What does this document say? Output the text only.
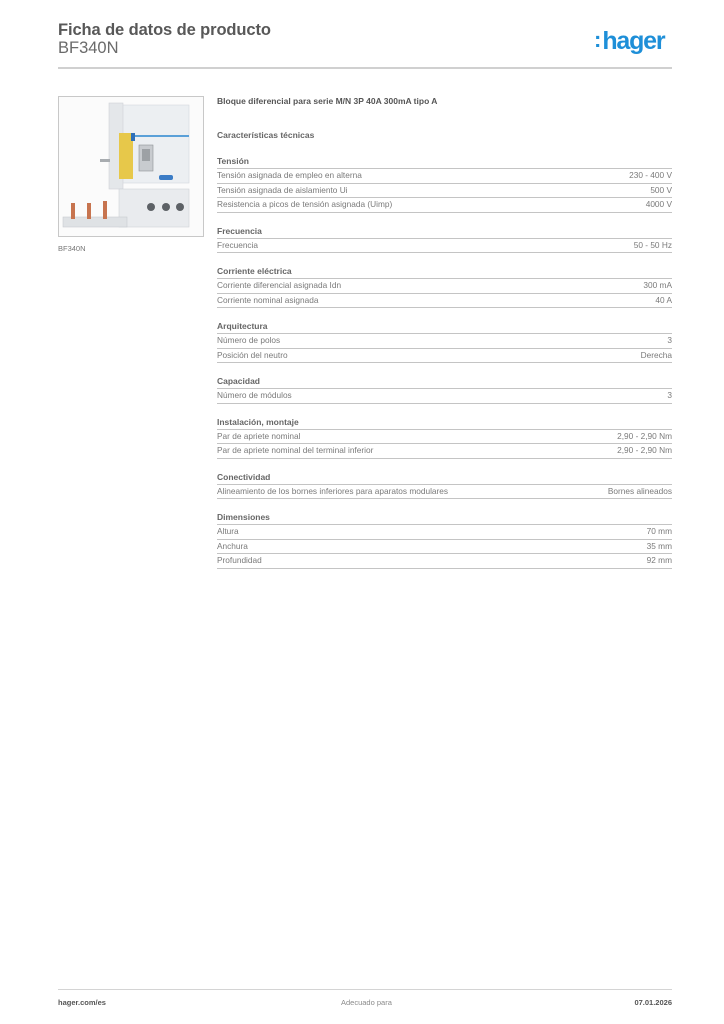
Ficha de datos de producto
BF340N	:hager
BF340N
Bloque diferencial para serie M/N 3P 40A 300mA tipo A
Características técnicas
Tensión
Tensión asignada de empleo en alterna	230 - 400 V
Tensión asignada de aislamiento Ui	500 V
Resistencia a picos de tensión asignada (Uimp)	4000 V
Frecuencia
Frecuencia	50 - 50 Hz
Corriente eléctrica
Corriente diferencial asignada Idn	300 mA
Corriente nominal asignada	40 A
Arquitectura
Número de polos	3
Posición del neutro	Derecha
Capacidad
Número de módulos	3
Instalación, montaje
Par de apriete nominal	2,90 - 2,90 Nm
Par de apriete nominal del terminal inferior	2,90 - 2,90 Nm
Conectividad
Alineamiento de los bornes inferiores para aparatos modulares	Bornes alineados
Dimensiones
Altura	70 mm
Anchura	35 mm
Profundidad	92 mm
hager.com/es	Adecuado para	07.01.2026
